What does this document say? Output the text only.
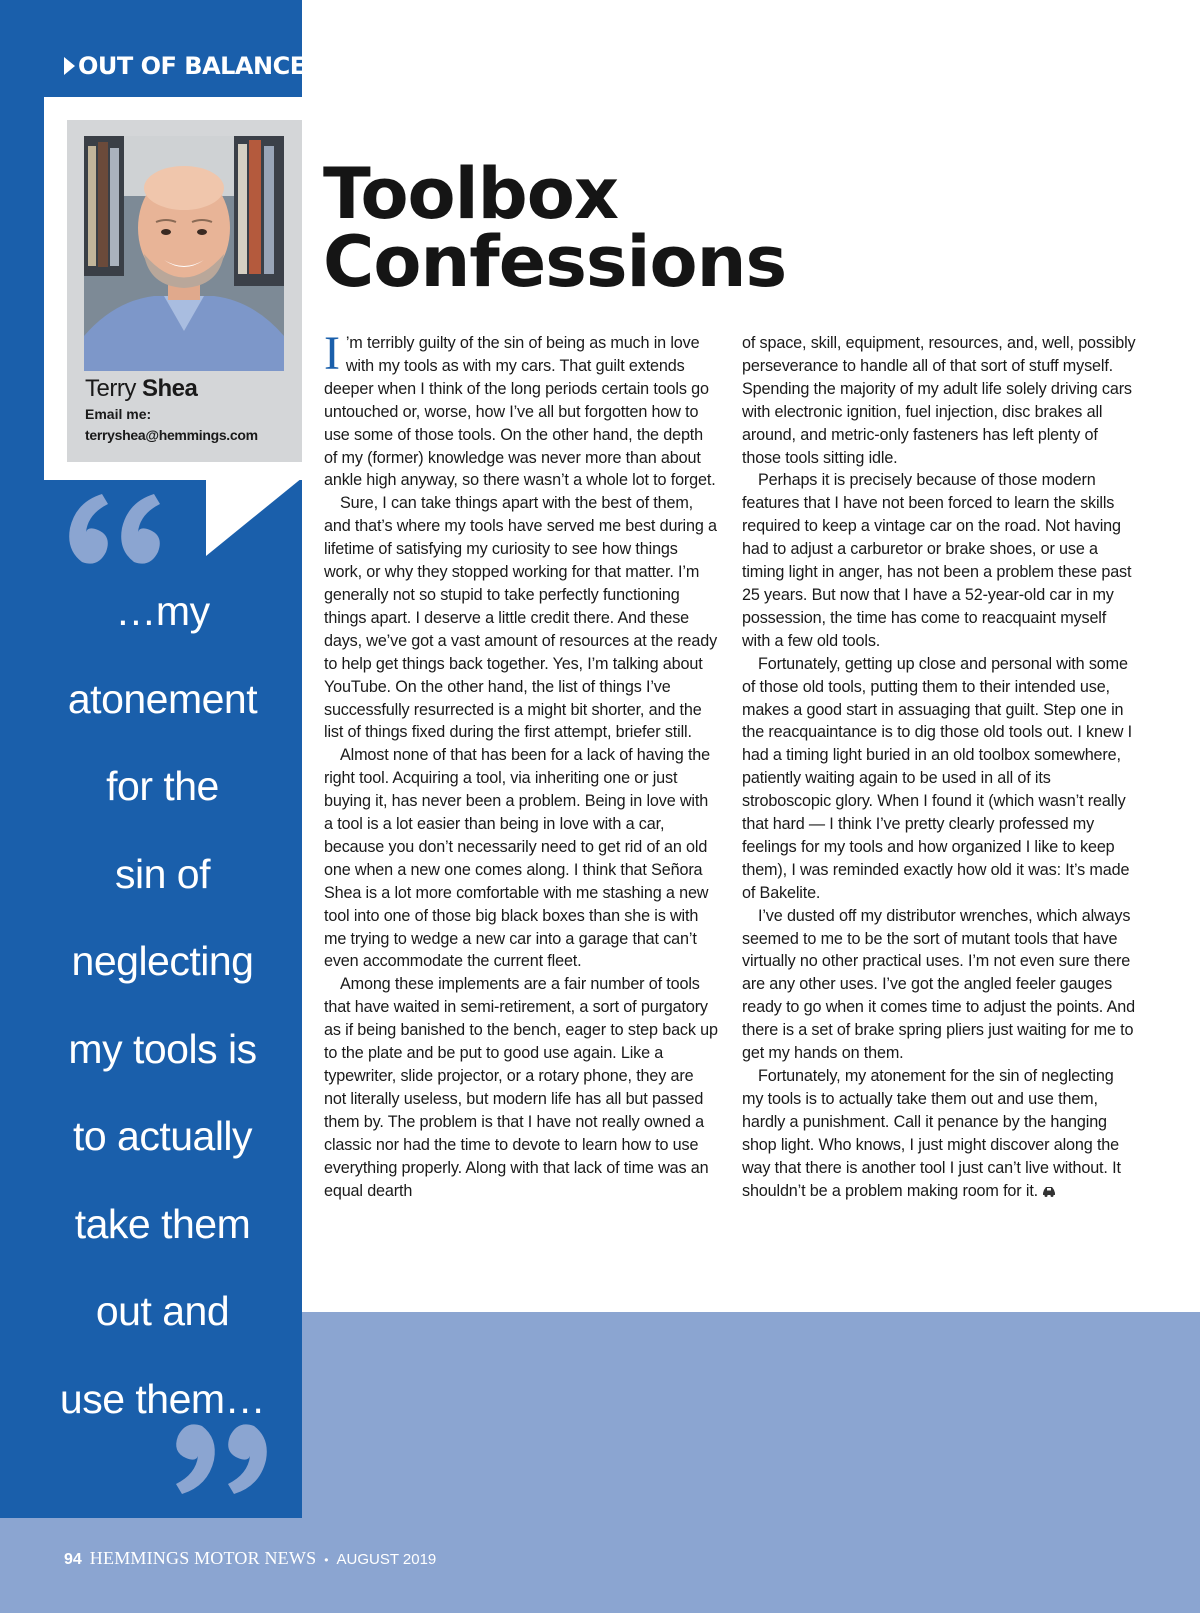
OUT OF BALANCE
Terry Shea
Email me:
terryshea@hemmings.com
…my
atonement
for the
sin of
neglecting
my tools is
to actually
take them
out and
use them…
Toolbox
Confessions

I ’m terribly guilty of the sin of being as much in love with my tools as with my cars. That guilt extends deeper when I think of the long periods certain tools go untouched or, worse, how I’ve all but forgotten how to use some of those tools. On the other hand, the depth of my (former) knowledge was never more than about ankle high anyway, so there wasn’t a whole lot to forget.

Sure, I can take things apart with the best of them, and that’s where my tools have served me best during a lifetime of satisfying my curiosity to see how things work, or why they stopped working for that matter. I’m generally not so stupid to take perfectly functioning things apart. I deserve a little credit there. And these days, we’ve got a vast amount of resources at the ready to help get things back together. Yes, I’m talking about YouTube. On the other hand, the list of things I’ve successfully resurrected is a might bit shorter, and the list of things fixed during the first attempt, briefer still.

Almost none of that has been for a lack of having the right tool. Acquiring a tool, via inheriting one or just buying it, has never been a problem. Being in love with a tool is a lot easier than being in love with a car, because you don’t necessarily need to get rid of an old one when a new one comes along. I think that Señora Shea is a lot more comfortable with me stashing a new tool into one of those big black boxes than she is with me trying to wedge a new car into a garage that can’t even accommodate the current fleet.

Among these implements are a fair number of tools that have waited in semi-retirement, a sort of purgatory as if being banished to the bench, eager to step back up to the plate and be put to good use again. Like a typewriter, slide projector, or a rotary phone, they are not literally useless, but modern life has all but passed them by. The problem is that I have not really owned a classic nor had the time to devote to learn how to use everything properly. Along with that lack of time was an equal dearth

of space, skill, equipment, resources, and, well, possibly perseverance to handle all of that sort of stuff myself. Spending the majority of my adult life solely driving cars with electronic ignition, fuel injection, disc brakes all around, and metric-only fasteners has left plenty of those tools sitting idle.

Perhaps it is precisely because of those modern features that I have not been forced to learn the skills required to keep a vintage car on the road. Not having had to adjust a carburetor or brake shoes, or use a timing light in anger, has not been a problem these past 25 years. But now that I have a 52-year-old car in my possession, the time has come to reacquaint myself with a few old tools.

Fortunately, getting up close and personal with some of those old tools, putting them to their intended use, makes a good start in assuaging that guilt. Step one in the reacquaintance is to dig those old tools out. I knew I had a timing light buried in an old toolbox somewhere, patiently waiting again to be used in all of its stroboscopic glory. When I found it (which wasn’t really that hard — I think I’ve pretty clearly professed my feelings for my tools and how organized I like to keep them), I was reminded exactly how old it was: It’s made of Bakelite.

I’ve dusted off my distributor wrenches, which always seemed to me to be the sort of mutant tools that have virtually no other practical uses. I’m not even sure there are any other uses. I’ve got the angled feeler gauges ready to go when it comes time to adjust the points. And there is a set of brake spring pliers just waiting for me to get my hands on them.

Fortunately, my atonement for the sin of neglecting my tools is to actually take them out and use them, hardly a punishment. Call it penance by the hanging shop light. Who knows, I just might discover along the way that there is another tool I just can’t live without. It shouldn’t be a problem making room for it.

94 HEMMINGS MOTOR NEWS • AUGUST 2019
